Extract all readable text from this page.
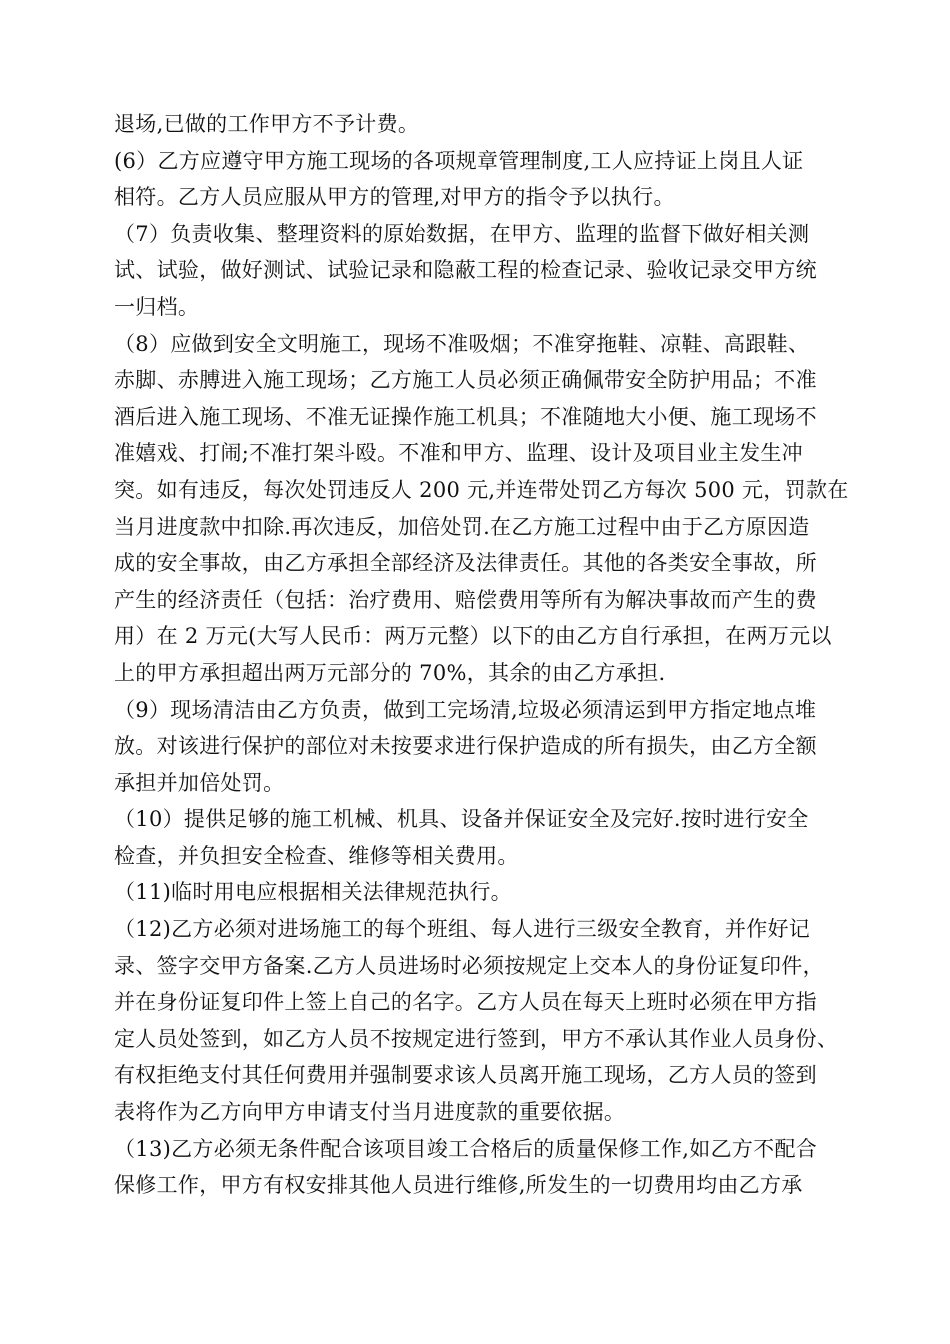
退场,已做的工作甲方不予计费。
(6）乙方应遵守甲方施工现场的各项规章管理制度,工人应持证上岗且人证
相符。乙方人员应服从甲方的管理,对甲方的指令予以执行。
（7）负责收集、整理资料的原始数据，在甲方、监理的监督下做好相关测
试、试验，做好测试、试验记录和隐蔽工程的检查记录、验收记录交甲方统
一归档。
（8）应做到安全文明施工，现场不准吸烟；不准穿拖鞋、凉鞋、高跟鞋、
赤脚、赤膊进入施工现场；乙方施工人员必须正确佩带安全防护用品；不准
酒后进入施工现场、不准无证操作施工机具；不准随地大小便、施工现场不
准嬉戏、打闹;不准打架斗殴。不准和甲方、监理、设计及项目业主发生冲
突。如有违反，每次处罚违反人 200 元,并连带处罚乙方每次 500 元，罚款在
当月进度款中扣除.再次违反，加倍处罚.在乙方施工过程中由于乙方原因造
成的安全事故，由乙方承担全部经济及法律责任。其他的各类安全事故，所
产生的经济责任（包括：治疗费用、赔偿费用等所有为解决事故而产生的费
用）在 2 万元(大写人民币：两万元整）以下的由乙方自行承担，在两万元以
上的甲方承担超出两万元部分的 70%，其余的由乙方承担.
（9）现场清洁由乙方负责，做到工完场清,垃圾必须清运到甲方指定地点堆
放。对该进行保护的部位对未按要求进行保护造成的所有损失，由乙方全额
承担并加倍处罚。
（10）提供足够的施工机械、机具、设备并保证安全及完好.按时进行安全
检查，并负担安全检查、维修等相关费用。
（11)临时用电应根据相关法律规范执行。
（12)乙方必须对进场施工的每个班组、每人进行三级安全教育，并作好记
录、签字交甲方备案.乙方人员进场时必须按规定上交本人的身份证复印件，
并在身份证复印件上签上自己的名字。乙方人员在每天上班时必须在甲方指
定人员处签到，如乙方人员不按规定进行签到，甲方不承认其作业人员身份、
有权拒绝支付其任何费用并强制要求该人员离开施工现场，乙方人员的签到
表将作为乙方向甲方申请支付当月进度款的重要依据。
（13)乙方必须无条件配合该项目竣工合格后的质量保修工作,如乙方不配合
保修工作，甲方有权安排其他人员进行维修,所发生的一切费用均由乙方承
